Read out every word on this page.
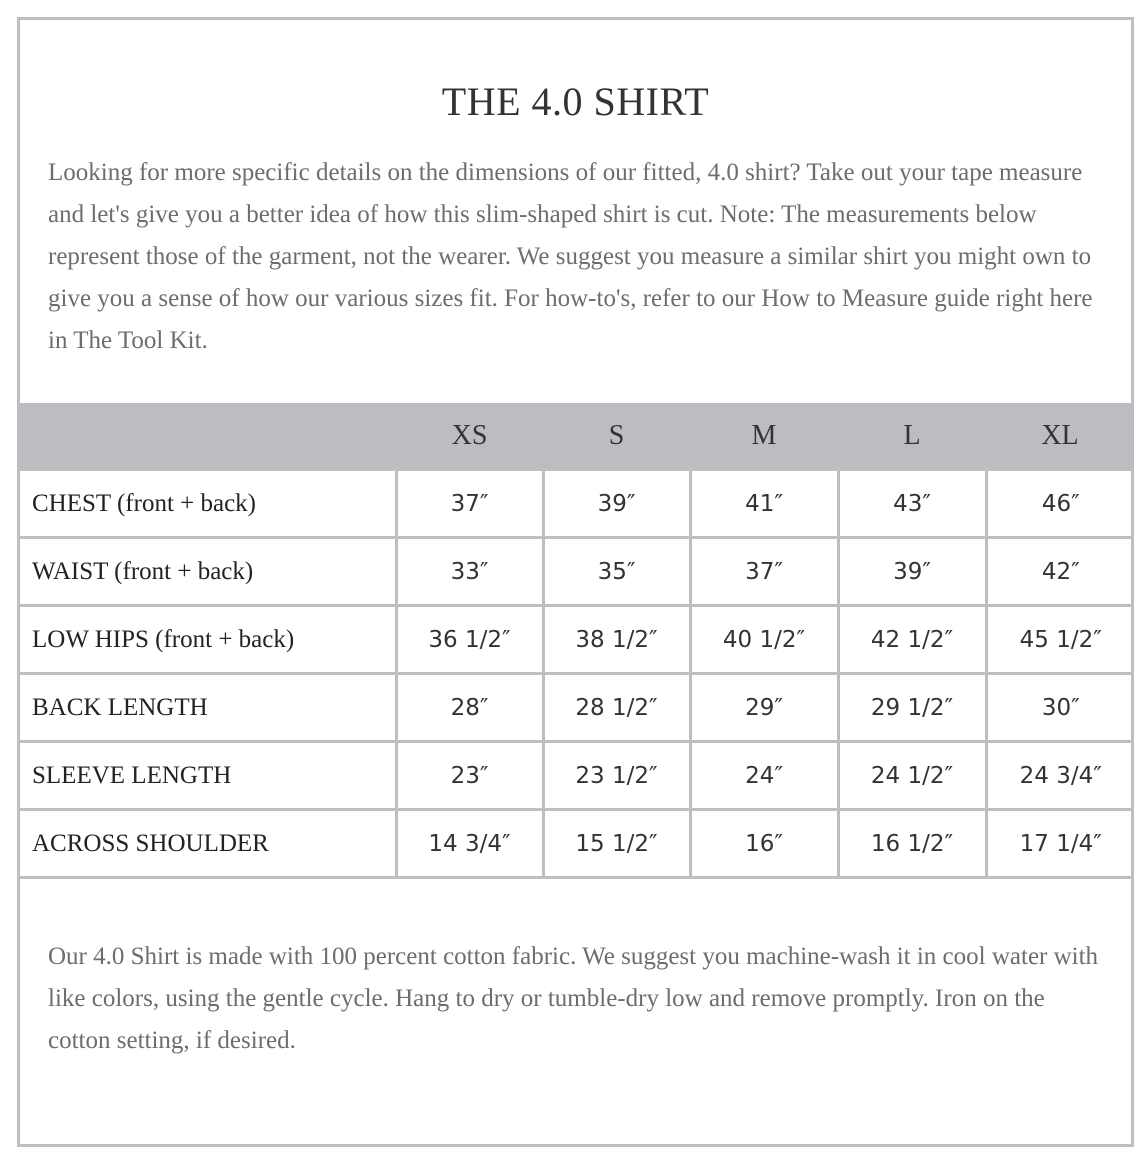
THE 4.0 SHIRT

Looking for more specific details on the dimensions of our fitted, 4.0 shirt? Take out your tape measure and let's give you a better idea of how this slim-shaped shirt is cut. Note: The measurements below represent those of the garment, not the wearer. We suggest you measure a similar shirt you might own to give you a sense of how our various sizes fit. For how-to's, refer to our How to Measure guide right here in The Tool Kit.

	XS	S	M	L	XL
CHEST (front + back)	37″	39″	41″	43″	46″
WAIST (front + back)	33″	35″	37″	39″	42″
LOW HIPS (front + back)	36 1/2″	38 1/2″	40 1/2″	42 1/2″	45 1/2″
BACK LENGTH	28″	28 1/2″	29″	29 1/2″	30″
SLEEVE LENGTH	23″	23 1/2″	24″	24 1/2″	24 3/4″
ACROSS SHOULDER	14 3/4″	15 1/2″	16″	16 1/2″	17 1/4″

Our 4.0 Shirt is made with 100 percent cotton fabric. We suggest you machine-wash it in cool water with like colors, using the gentle cycle. Hang to dry or tumble-dry low and remove promptly. Iron on the cotton setting, if desired.
